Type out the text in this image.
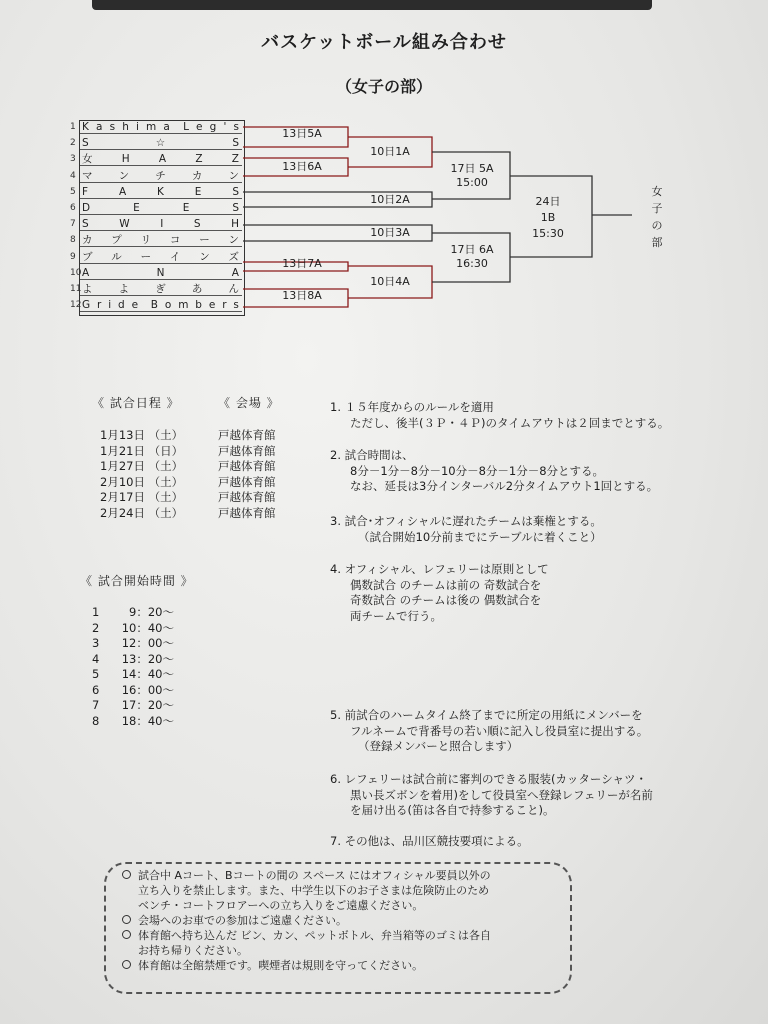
バスケットボール組み合わせ
（女子の部）
1 K a s h i m a L e g ' s
2 S	☆	S
3 女	H	A	Z	Z
4 マ ン チ カ ン
5 F	A	K	E	S
6 D	E	E	S
7 S	W	I	S	H
8 カ プ リ コ ー ン
9 ブ ル ー イ ン ズ
10 A	N	A
11 よ よ ぎ あ ん
12 G r i d e B o m b e r s
13日5A
13日6A
13日7A
13日8A
10日1A
10日2A
10日3A
10日4A
17日 5A
15:00
17日 6A
16:30
24日
1B
15:30
女
子
の
部
《 試合日程 》	《 会場 》
1月13日 （土）	戸越体育館
1月21日 （日）	戸越体育館
1月27日 （土）	戸越体育館
2月10日 （土）	戸越体育館
2月17日 （土）	戸越体育館
2月24日 （土）	戸越体育館
《 試合開始時間 》
1	9：20〜
2	10：40〜
3	12：00〜
4	13：20〜
5	14：40〜
6	16：00〜
7	17：20〜
8	18：40〜
1. １５年度からのルールを適用
ただし、後半(３Ｐ・４Ｐ)のタイムアウトは２回までとする。
2. 試合時間は、
8分－1分－8分－10分－8分－1分－8分とする。
なお、延長は3分インターバル2分タイムアウト1回とする。
3. 試合･オフィシャルに遅れたチームは棄権とする。
（試合開始10分前までにテーブルに着くこと）
4. オフィシャル、レフェリーは原則として
偶数試合 のチームは前の 奇数試合を
奇数試合 のチームは後の 偶数試合を
両チームで行う。
5. 前試合のハームタイム終了までに所定の用紙にメンバーを
フルネームで背番号の若い順に記入し役員室に提出する。
（登録メンバーと照合します）
6. レフェリーは試合前に審判のできる服装(カッターシャツ・
黒い長ズボンを着用)をして役員室へ登録レフェリーが名前
を届け出る(笛は各自で持参すること)。
7. その他は、品川区競技要項による。
試合中 Aコート、Bコートの間の スペース にはオフィシャル要員以外の
立ち入りを禁止します。また、中学生以下のお子さまは危険防止のため
ベンチ・コートフロアーへの立ち入りをご遠慮ください。
会場へのお車での参加はご遠慮ください。
体育館へ持ち込んだ ビン、カン、ペットボトル、弁当箱等のゴミは各自
お持ち帰りください。
体育館は全館禁煙です。喫煙者は規則を守ってください。
